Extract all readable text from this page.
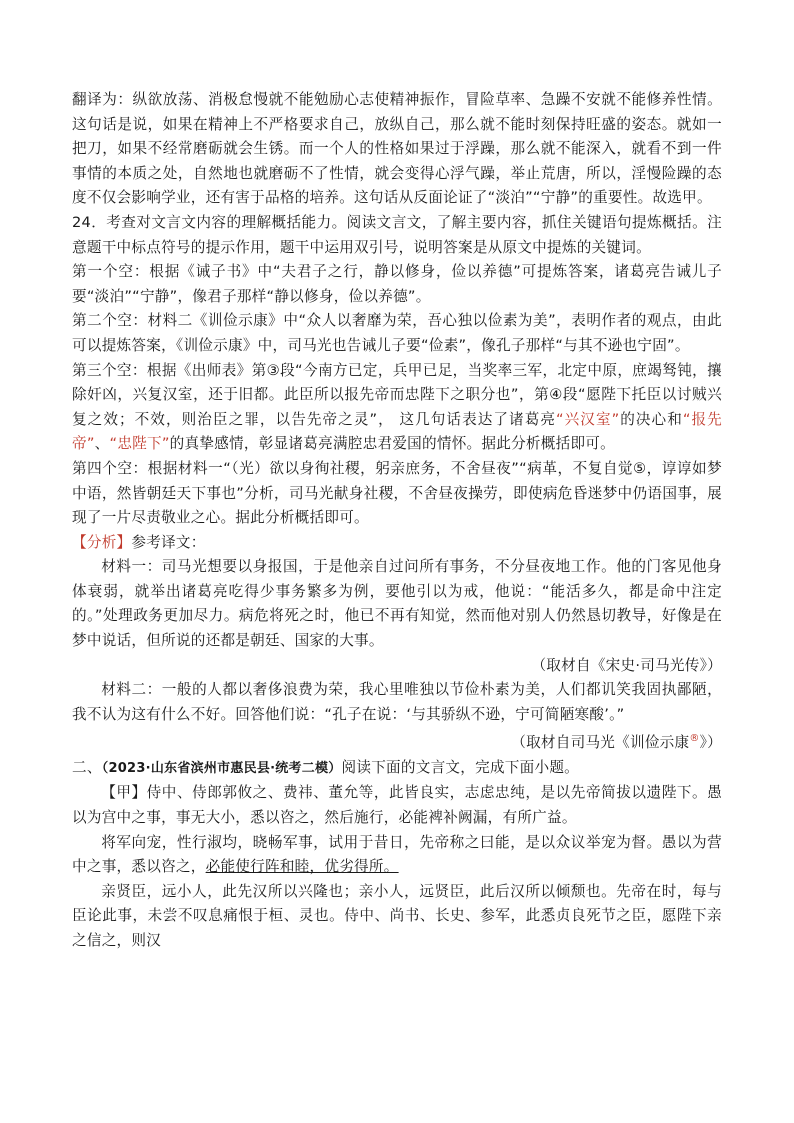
翻译为：纵欲放荡、消极怠慢就不能勉励心志使精神振作，冒险草率、急躁不安就不能修养性情。这句话是说，如果在精神上不严格要求自己，放纵自己，那么就不能时刻保持旺盛的姿态。就如一把刀，如果不经常磨砺就会生锈。而一个人的性格如果过于浮躁，那么就不能深入，就看不到一件事情的本质之处，自然地也就磨砺不了性情，就会变得心浮气躁，举止荒唐，所以，淫慢险躁的态度不仅会影响学业，还有害于品格的培养。这句话从反面论证了“淡泊”“宁静”的重要性。故选甲。

24．考查对文言文内容的理解概括能力。阅读文言文，了解主要内容，抓住关键语句提炼概括。注意题干中标点符号的提示作用，题干中运用双引号，说明答案是从原文中提炼的关键词。

第一个空：根据《诫子书》中“夫君子之行，静以修身，俭以养德”可提炼答案，诸葛亮告诫儿子要“淡泊”“宁静”，像君子那样“静以修身，俭以养德”。

第二个空：材料二《训俭示康》中“众人以奢靡为荣，吾心独以俭素为美”，表明作者的观点，由此可以提炼答案，《训俭示康》中，司马光也告诫儿子要“俭素”，像孔子那样“与其不逊也宁固”。

第三个空：根据《出师表》第③段“今南方已定，兵甲已足，当奖率三军，北定中原，庶竭驽钝，攘除奸凶，兴复汉室，还于旧都。此臣所以报先帝而忠陛下之职分也”，第④段“愿陛下托臣以讨贼兴复之效；不效，则治臣之罪，以告先帝之灵”， 这几句话表达了诸葛亮“兴汉室”的决心和“报先帝”、“忠陛下”的真挚感情，彰显诸葛亮满腔忠君爱国的情怀。据此分析概括即可。

第四个空：根据材料一“（光）欲以身徇社稷，躬亲庶务，不舍昼夜”“病革，不复自觉⑤，谆谆如梦中语，然皆朝廷天下事也”分析，司马光献身社稷，不舍昼夜操劳，即使病危昏迷梦中仍语国事，展现了一片尽责敬业之心。据此分析概括即可。

【分析】参考译文：

材料一：司马光想要以身报国，于是他亲自过问所有事务，不分昼夜地工作。他的门客见他身体衰弱，就举出诸葛亮吃得少事务繁多为例，要他引以为戒，他说：“能活多久，都是命中注定的。”处理政务更加尽力。病危将死之时，他已不再有知觉，然而他对别人仍然恳切教导，好像是在梦中说话，但所说的还都是朝廷、国家的大事。

（取材自《宋史·司马光传》）

材料二：一般的人都以奢侈浪费为荣，我心里唯独以节俭朴素为美，人们都讥笑我固执鄙陋，我不认为这有什么不好。回答他们说：“孔子在说：‘与其骄纵不逊，宁可简陋寒酸’。”

（取材自司马光《训俭示康®》）

二、（2023·山东省滨州市惠民县·统考二模）阅读下面的文言文，完成下面小题。

【甲】侍中、侍郎郭攸之、费祎、董允等，此皆良实，志虑忠纯，是以先帝简拔以遗陛下。愚以为宫中之事，事无大小，悉以咨之，然后施行，必能裨补阙漏，有所广益。

将军向宠，性行淑均，晓畅军事，试用于昔日，先帝称之曰能，是以众议举宠为督。愚以为营中之事，悉以咨之，必能使行阵和睦，优劣得所。

亲贤臣，远小人，此先汉所以兴隆也；亲小人，远贤臣，此后汉所以倾颓也。先帝在时，每与臣论此事，未尝不叹息痛恨于桓、灵也。侍中、尚书、长史、参军，此悉贞良死节之臣，愿陛下亲之信之，则汉
